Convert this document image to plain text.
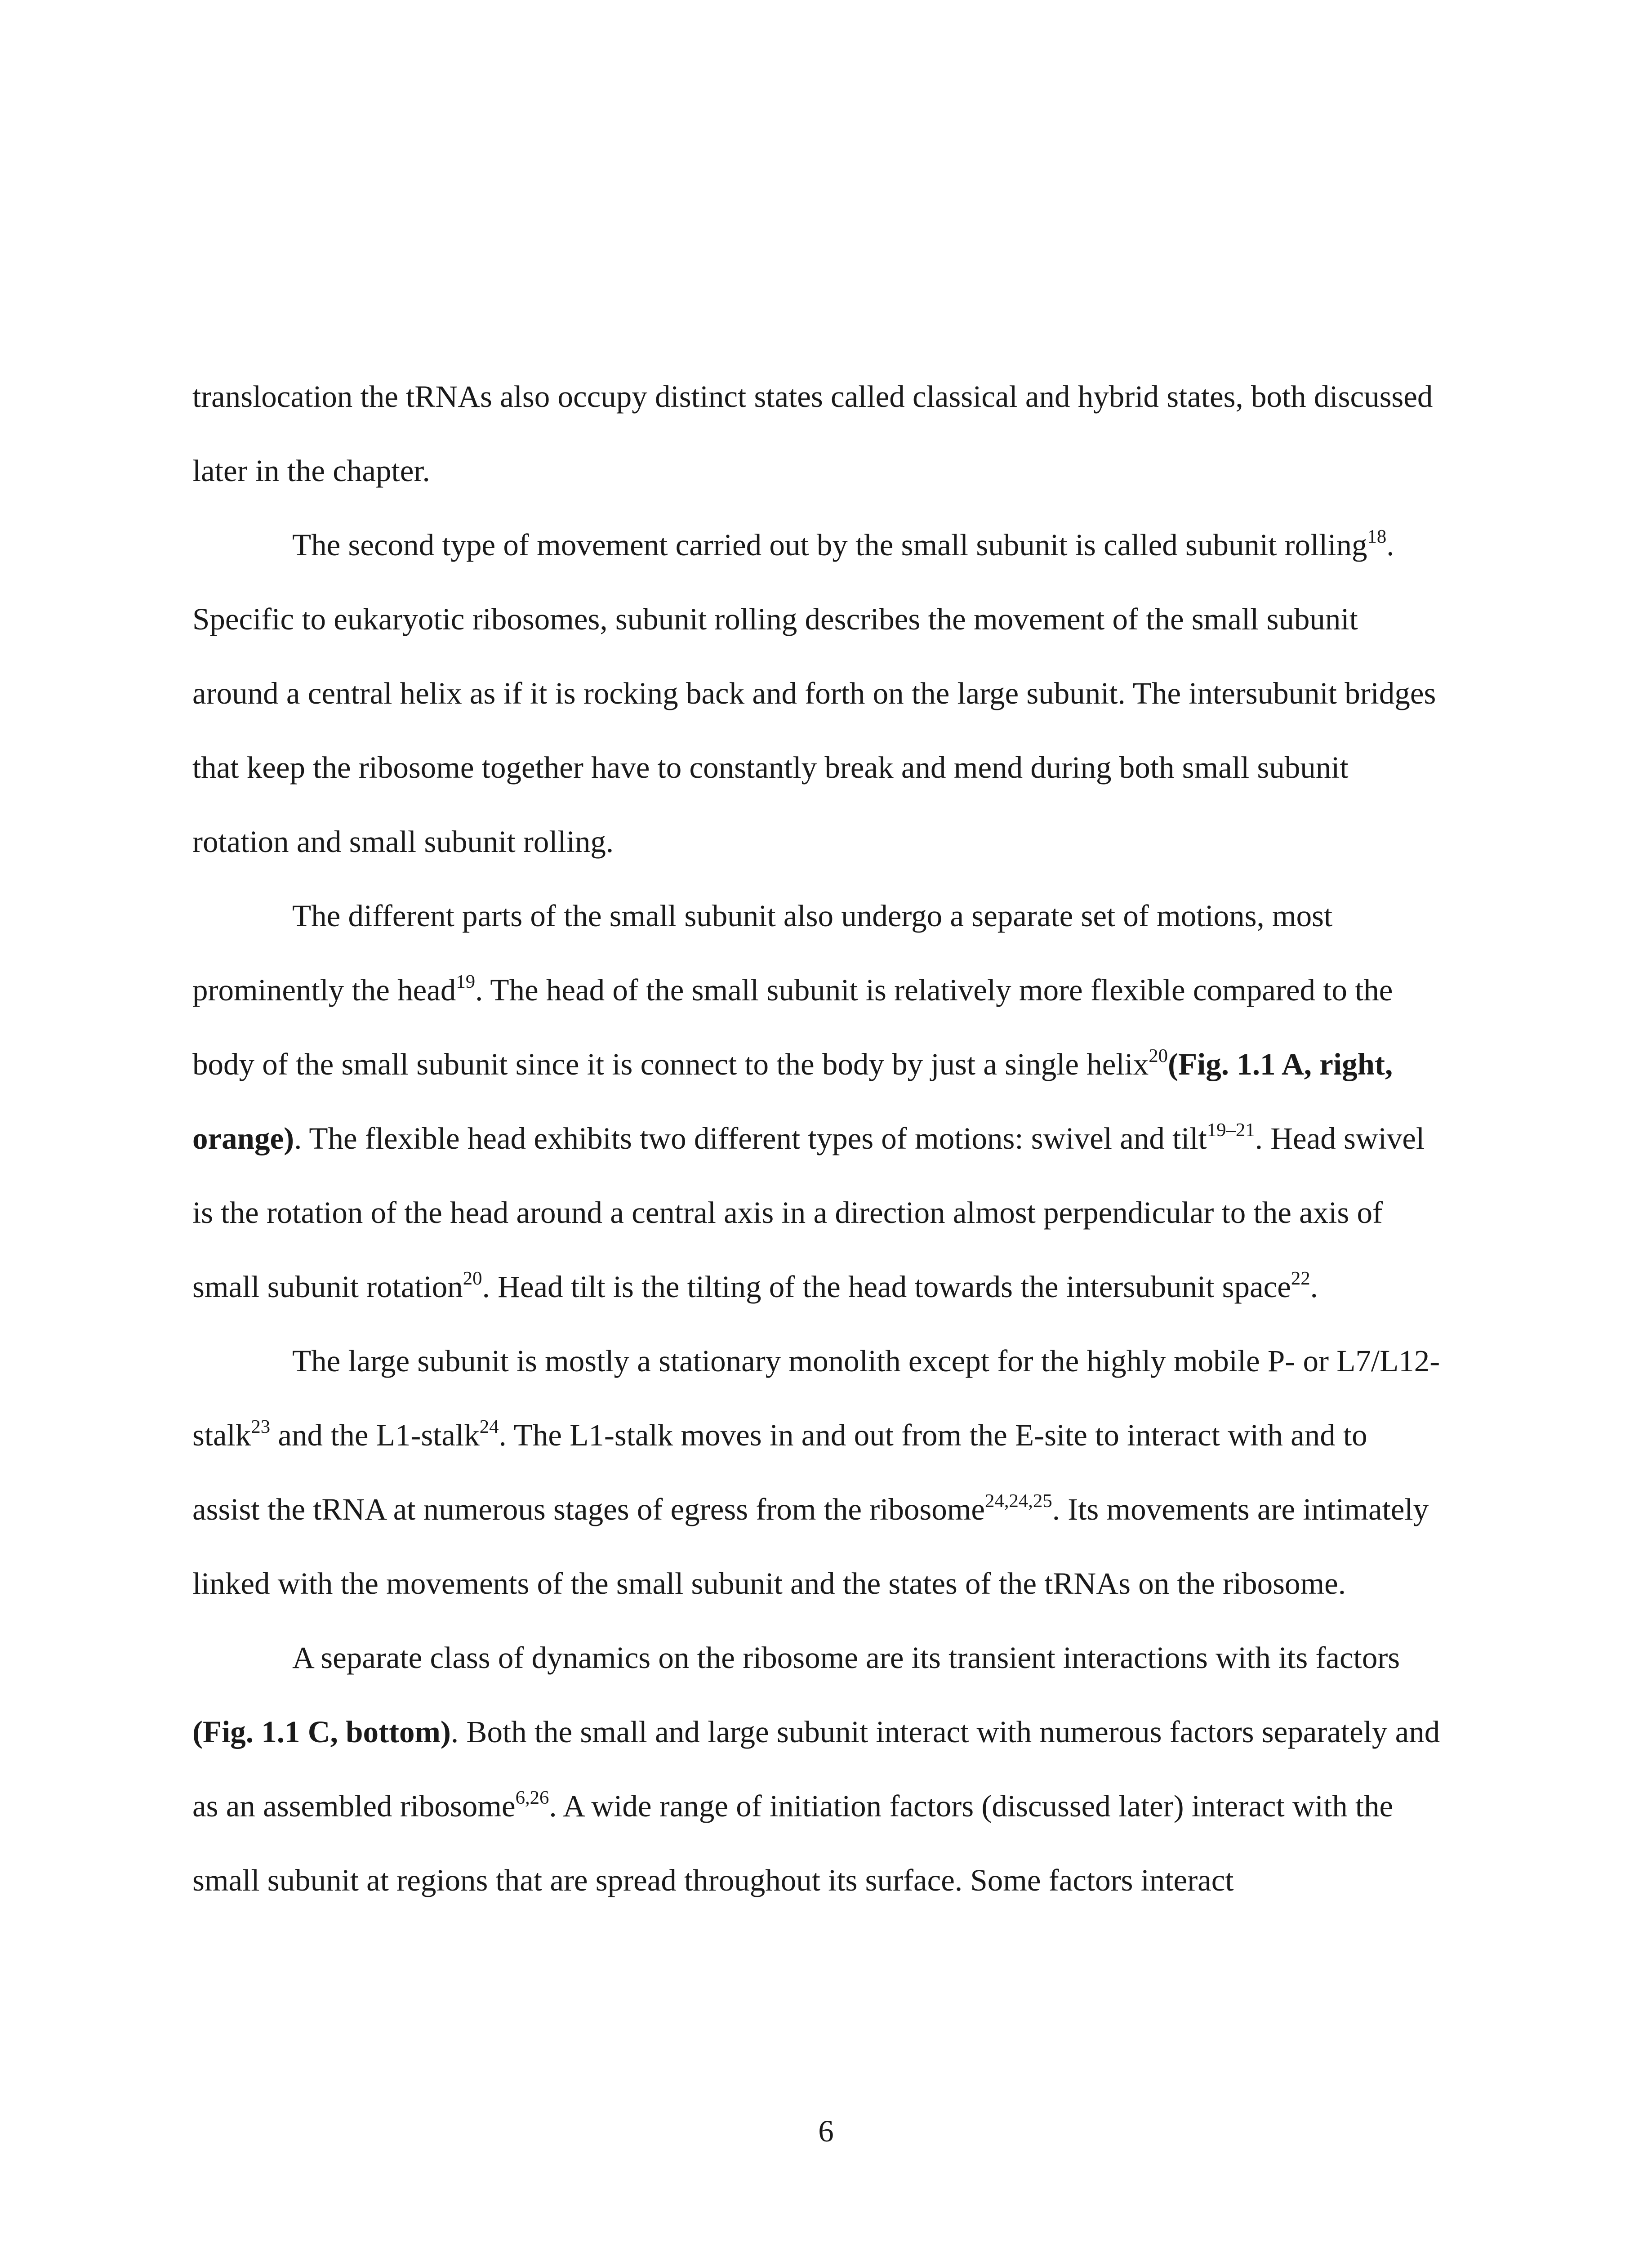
translocation the tRNAs also occupy distinct states called classical and hybrid states, both discussed later in the chapter.

The second type of movement carried out by the small subunit is called subunit rolling$^{18}$. Specific to eukaryotic ribosomes, subunit rolling describes the movement of the small subunit around a central helix as if it is rocking back and forth on the large subunit. The intersubunit bridges that keep the ribosome together have to constantly break and mend during both small subunit rotation and small subunit rolling.

The different parts of the small subunit also undergo a separate set of motions, most prominently the head$^{19}$. The head of the small subunit is relatively more flexible compared to the body of the small subunit since it is connect to the body by just a single helix$^{20}$(Fig. 1.1 A, right, orange). The flexible head exhibits two different types of motions: swivel and tilt$^{19-21}$. Head swivel is the rotation of the head around a central axis in a direction almost perpendicular to the axis of small subunit rotation$^{20}$. Head tilt is the tilting of the head towards the intersubunit space$^{22}$.

The large subunit is mostly a stationary monolith except for the highly mobile P- or L7/L12-stalk$^{23}$ and the L1-stalk$^{24}$. The L1-stalk moves in and out from the E-site to interact with and to assist the tRNA at numerous stages of egress from the ribosome$^{24,24,25}$. Its movements are intimately linked with the movements of the small subunit and the states of the tRNAs on the ribosome.

A separate class of dynamics on the ribosome are its transient interactions with its factors (Fig. 1.1 C, bottom). Both the small and large subunit interact with numerous factors separately and as an assembled ribosome$^{6,26}$. A wide range of initiation factors (discussed later) interact with the small subunit at regions that are spread throughout its surface. Some factors interact

6
